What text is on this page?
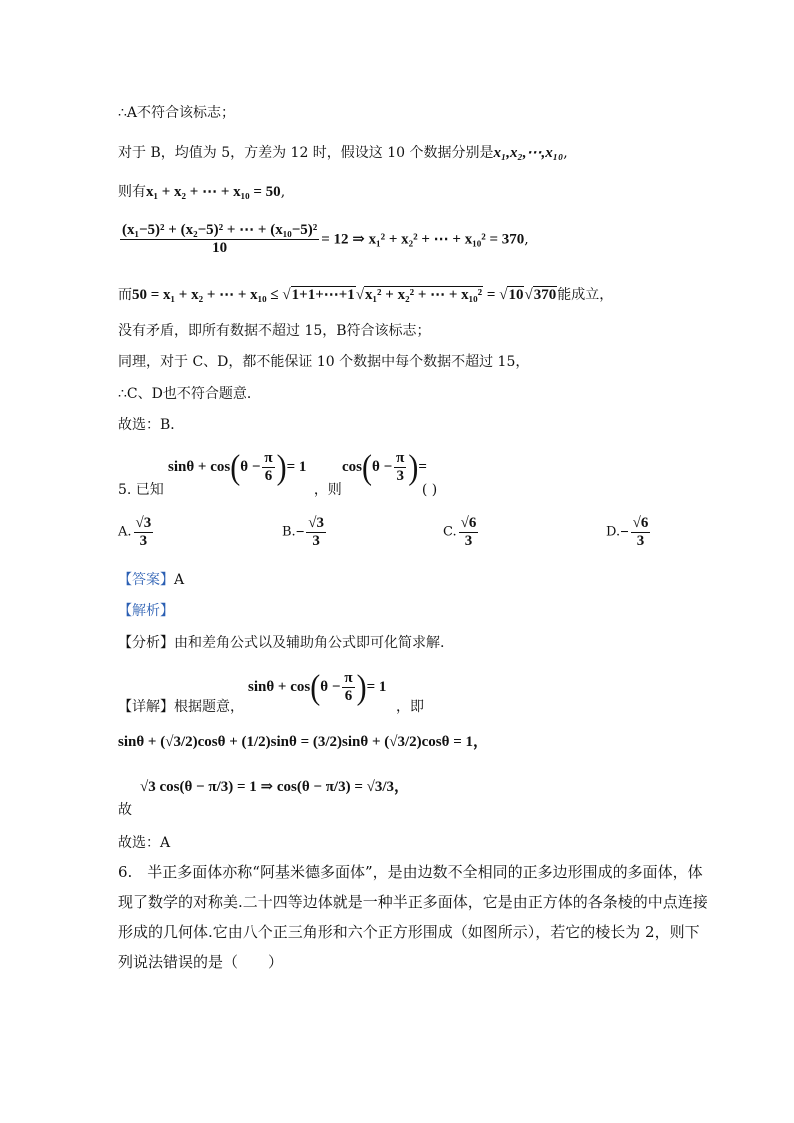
∴A不符合该标志；
对于 B，均值为 5，方差为 12 时，假设这 10 个数据分别是x₁,x₂,⋯,x₁₀,
则有x₁ + x₂ + ⋯ + x₁₀ = 50,
$\frac{\text{(x₁−5)² + (x₂−5)² + ⋯ + (x₁₀−5)²}}{10} = 12$ ⇒ x₁² + x₂² + ⋯ + x₁₀² = 370,
而50 = x₁ + x₂ + ⋯ + x₁₀ ≤ √1+1+⋯+1√x₁² + x₂² + ⋯ + x₁₀² = √10√370能成立，
没有矛盾，即所有数据不超过 15，B符合该标志；
同理，对于 C、D，都不能保证 10 个数据中每个数据不超过 15，
∴C、D也不符合题意．
故选：B．
$\sin\theta + \cos(\theta - \frac{\pi}{6}$ )= 1 $\cos(\theta - \frac{\pi}{3}$ )=
5. 已知	，则	( )
A. $\frac{√3}{3}$	$B.- \frac{√3}{3}$	C. $\frac{√6}{3}$	$D.- \frac{√6}{3}$
【答案】A
【解析】
【分析】由和差角公式以及辅助角公式即可化简求解.
$\sin\theta + \cos(\theta - \frac{\pi}{6}$ )= 1
【详解】根据题意，	，即
sinθ + (√3/2)cosθ + (1/2)sinθ = (3/2)sinθ + (√3/2)cosθ = 1，
√3 cos(θ − π/3) = 1 ⇒ cos(θ − π/3) = √3/3，
故
故选：A
6.　半正多面体亦称“阿基米德多面体”，是由边数不全相同的正多边形围成的多面体，体
现了数学的对称美.二十四等边体就是一种半正多面体，它是由正方体的各条棱的中点连接
形成的几何体.它由八个正三角形和六个正方形围成（如图所示），若它的棱长为 2，则下
列说法错误的是（　　）
